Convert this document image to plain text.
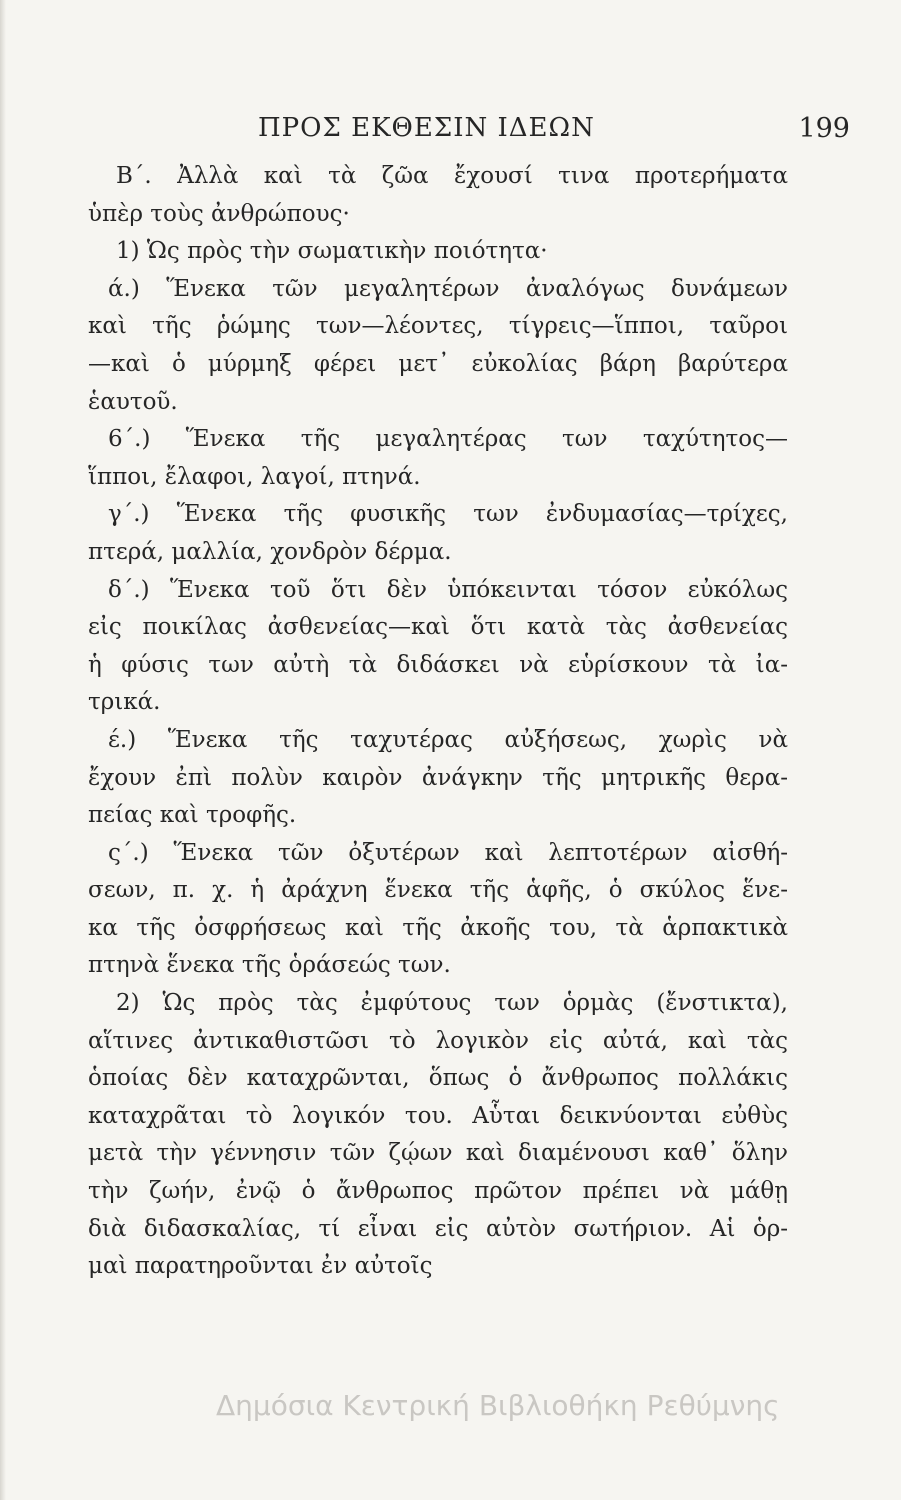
ΠΡΟΣ ΕΚΘΕΣΙΝ ΙΔΕΩΝ	199
Β΄. Ἀλλὰ καὶ τὰ ζῶα ἔχουσί τινα προτερήματα
ὑπὲρ τοὺς ἀνθρώπους·
1) Ὡς πρὸς τὴν σωματικὴν ποιότητα·
ά.) Ἕνεκα τῶν μεγαλητέρων ἀναλόγως δυνάμεων
καὶ τῆς ῥώμης των—λέοντες, τίγρεις—ἵπποι, ταῦροι
—καὶ ὁ μύρμηξ φέρει μετ᾽ εὐκολίας βάρη βαρύτερα
ἑαυτοῦ.
6΄.) Ἕνεκα τῆς μεγαλητέρας των ταχύτητος—
ἵπποι, ἔλαφοι, λαγοί, πτηνά.
γ΄.) Ἕνεκα τῆς φυσικῆς των ἐνδυμασίας—τρίχες,
πτερά, μαλλία, χονδρὸν δέρμα.
δ΄.) Ἕνεκα τοῦ ὅτι δὲν ὑπόκεινται τόσον εὐκόλως
εἰς ποικίλας ἀσθενείας—καὶ ὅτι κατὰ τὰς ἀσθενείας
ἡ φύσις των αὐτὴ τὰ διδάσκει νὰ εὑρίσκουν τὰ ἰα-
τρικά.
έ.) Ἕνεκα τῆς ταχυτέρας αὐξήσεως, χωρὶς νὰ
ἔχουν ἐπὶ πολὺν καιρὸν ἀνάγκην τῆς μητρικῆς θερα-
πείας καὶ τροφῆς.
ς΄.) Ἕνεκα τῶν ὀξυτέρων καὶ λεπτοτέρων αἰσθή-
σεων, π. χ. ἡ ἀράχνη ἕνεκα τῆς ἁφῆς, ὁ σκύλος ἕνε-
κα τῆς ὀσφρήσεως καὶ τῆς ἀκοῆς του, τὰ ἁρπακτικὰ
πτηνὰ ἕνεκα τῆς ὁράσεώς των.
2) Ὡς πρὸς τὰς ἐμφύτους των ὁρμὰς (ἔνστικτα),
αἵτινες ἀντικαθιστῶσι τὸ λογικὸν εἰς αὐτά, καὶ τὰς
ὁποίας δὲν καταχρῶνται, ὅπως ὁ ἄνθρωπος πολλάκις
καταχρᾶται τὸ λογικόν του. Αὗται δεικνύονται εὐθὺς
μετὰ τὴν γέννησιν τῶν ζῴων καὶ διαμένουσι καθ᾽ ὅλην
τὴν ζωήν, ἐνῷ ὁ ἄνθρωπος πρῶτον πρέπει νὰ μάθῃ
διὰ διδασκαλίας, τί εἶναι εἰς αὐτὸν σωτήριον. Αἱ ὁρ-
μαὶ παρατηροῦνται ἐν αὐτοῖς
Δημόσια Κεντρική Βιβλιοθήκη Ρεθύμνης
